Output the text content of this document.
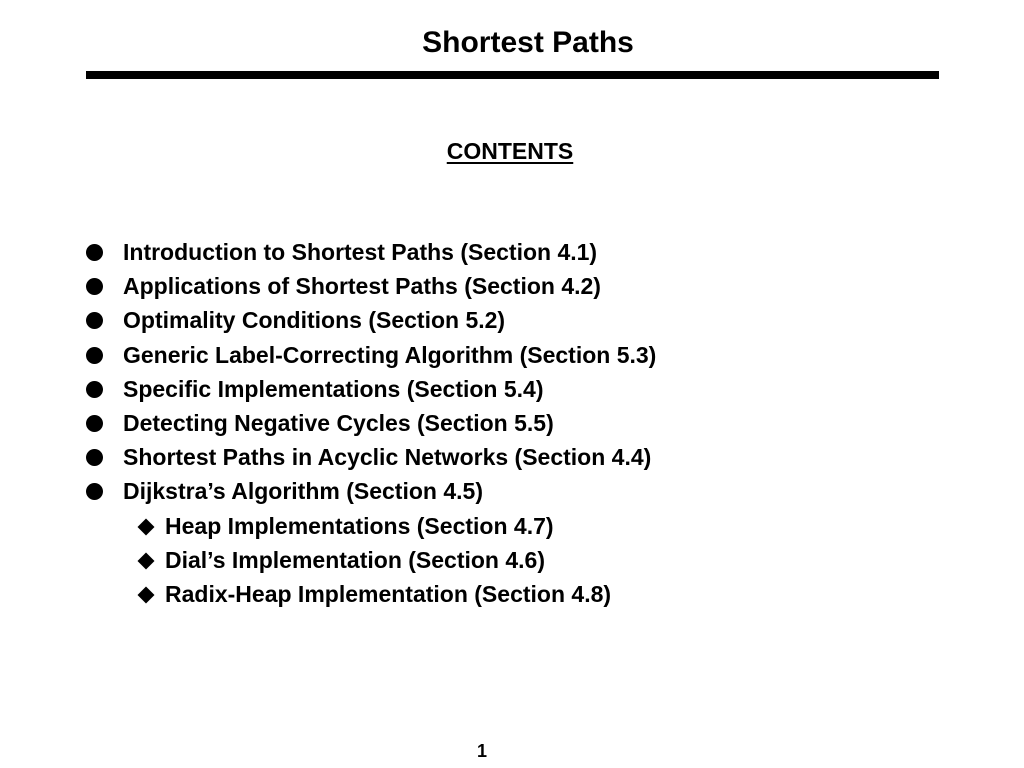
Shortest Paths
CONTENTS
Introduction to Shortest Paths (Section 4.1)
Applications of Shortest Paths (Section 4.2)
Optimality Conditions (Section 5.2)
Generic Label-Correcting Algorithm (Section 5.3)
Specific Implementations (Section 5.4)
Detecting Negative Cycles (Section 5.5)
Shortest Paths in Acyclic Networks (Section 4.4)
Dijkstra’s Algorithm (Section 4.5)
Heap Implementations (Section 4.7)
Dial’s Implementation (Section 4.6)
Radix-Heap Implementation (Section 4.8)
1
